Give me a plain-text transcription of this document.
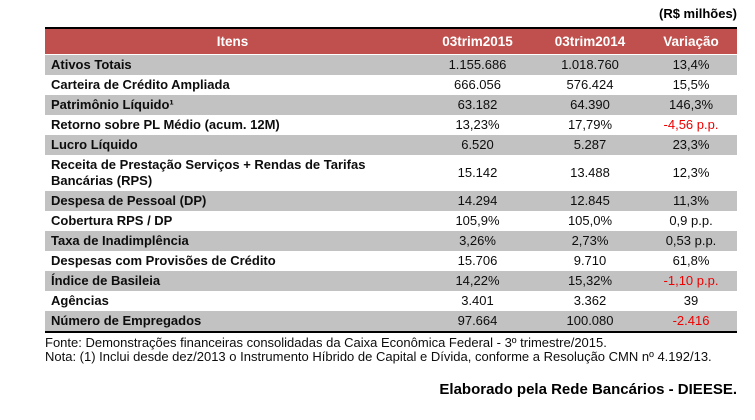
(R$ milhões)
Itens	03trim2015	03trim2014	Variação
Ativos Totais	1.155.686	1.018.760	13,4%
Carteira de Crédito Ampliada	666.056	576.424	15,5%
Patrimônio Líquido¹	63.182	64.390	146,3%
Retorno sobre PL Médio (acum. 12M)	13,23%	17,79%	-4,56 p.p.
Lucro Líquido	6.520	5.287	23,3%
Receita de Prestação Serviços + Rendas de Tarifas Bancárias (RPS)	15.142	13.488	12,3%
Despesa de Pessoal (DP)	14.294	12.845	11,3%
Cobertura RPS / DP	105,9%	105,0%	0,9 p.p.
Taxa de Inadimplência	3,26%	2,73%	0,53 p.p.
Despesas com Provisões de Crédito	15.706	9.710	61,8%
Índice de Basileia	14,22%	15,32%	-1,10 p.p.
Agências	3.401	3.362	39
Número de Empregados	97.664	100.080	-2.416

Fonte: Demonstrações financeiras consolidadas da Caixa Econômica Federal - 3º trimestre/2015.

Nota: (1) Inclui desde dez/2013 o Instrumento Híbrido de Capital e Dívida, conforme a Resolução CMN nº 4.192/13.

Elaborado pela Rede Bancários - DIEESE.
